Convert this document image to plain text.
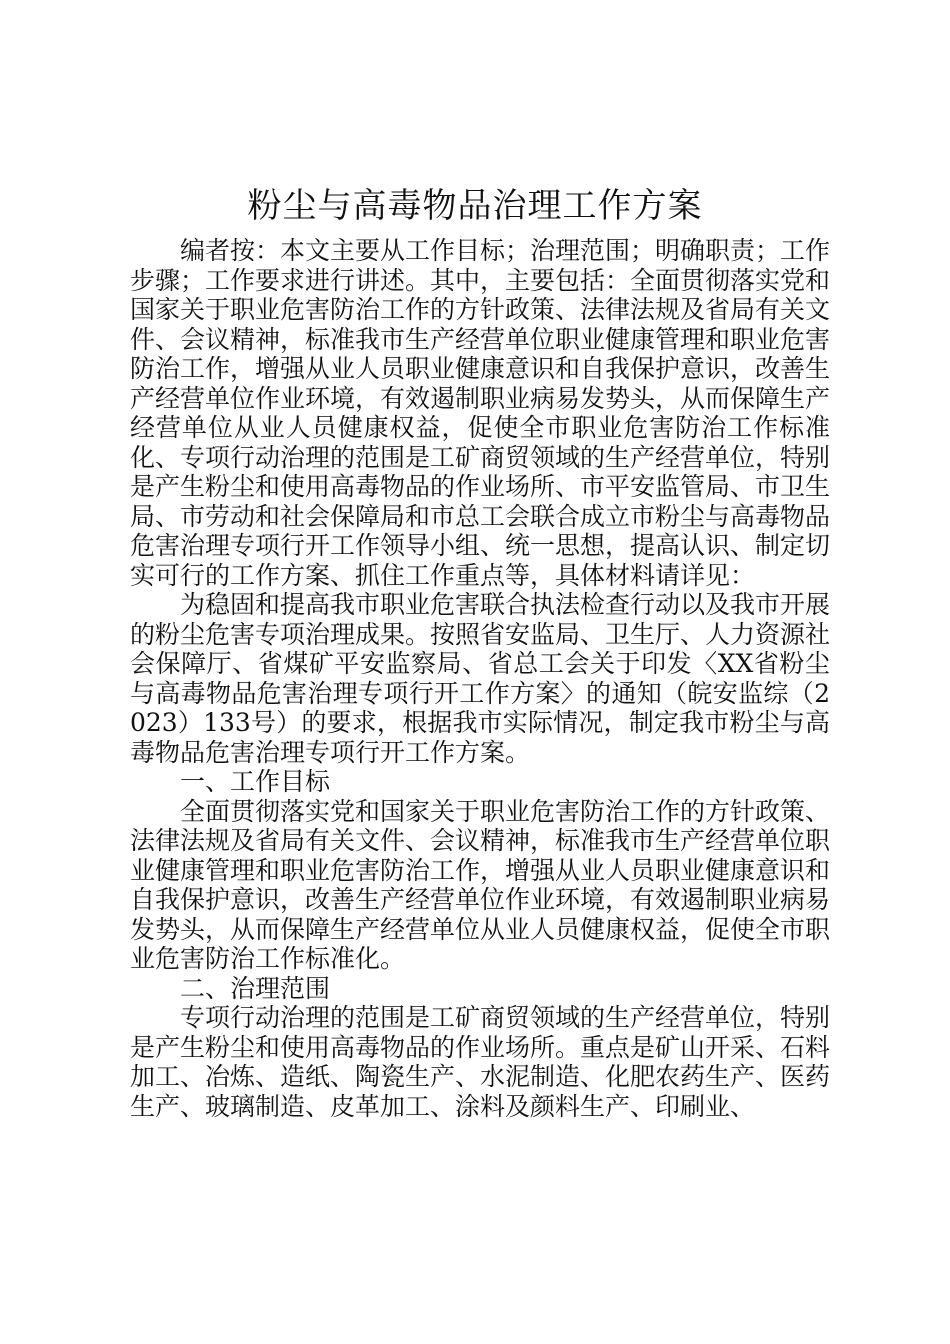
粉尘与高毒物品治理工作方案

编者按：本文主要从工作目标；治理范围；明确职责；工作步骤；工作要求进行讲述。其中，主要包括：全面贯彻落实党和国家关于职业危害防治工作的方针政策、法律法规及省局有关文件、会议精神，标准我市生产经营单位职业健康管理和职业危害防治工作，增强从业人员职业健康意识和自我保护意识，改善生产经营单位作业环境，有效遏制职业病易发势头，从而保障生产经营单位从业人员健康权益，促使全市职业危害防治工作标准化、专项行动治理的范围是工矿商贸领域的生产经营单位，特别是产生粉尘和使用高毒物品的作业场所、市平安监管局、市卫生局、市劳动和社会保障局和市总工会联合成立市粉尘与高毒物品危害治理专项行开工作领导小组、统一思想，提高认识、制定切实可行的工作方案、抓住工作重点等，具体材料请详见：

为稳固和提高我市职业危害联合执法检查行动以及我市开展的粉尘危害专项治理成果。按照省安监局、卫生厅、人力资源社会保障厅、省煤矿平安监察局、省总工会关于印发〈XX省粉尘与高毒物品危害治理专项行开工作方案〉的通知（皖安监综（2023）133号）的要求，根据我市实际情况，制定我市粉尘与高毒物品危害治理专项行开工作方案。

一、工作目标

全面贯彻落实党和国家关于职业危害防治工作的方针政策、法律法规及省局有关文件、会议精神，标准我市生产经营单位职业健康管理和职业危害防治工作，增强从业人员职业健康意识和自我保护意识，改善生产经营单位作业环境，有效遏制职业病易发势头，从而保障生产经营单位从业人员健康权益，促使全市职业危害防治工作标准化。

二、治理范围

专项行动治理的范围是工矿商贸领域的生产经营单位，特别是产生粉尘和使用高毒物品的作业场所。重点是矿山开采、石料加工、冶炼、造纸、陶瓷生产、水泥制造、化肥农药生产、医药生产、玻璃制造、皮革加工、涂料及颜料生产、印刷业、
